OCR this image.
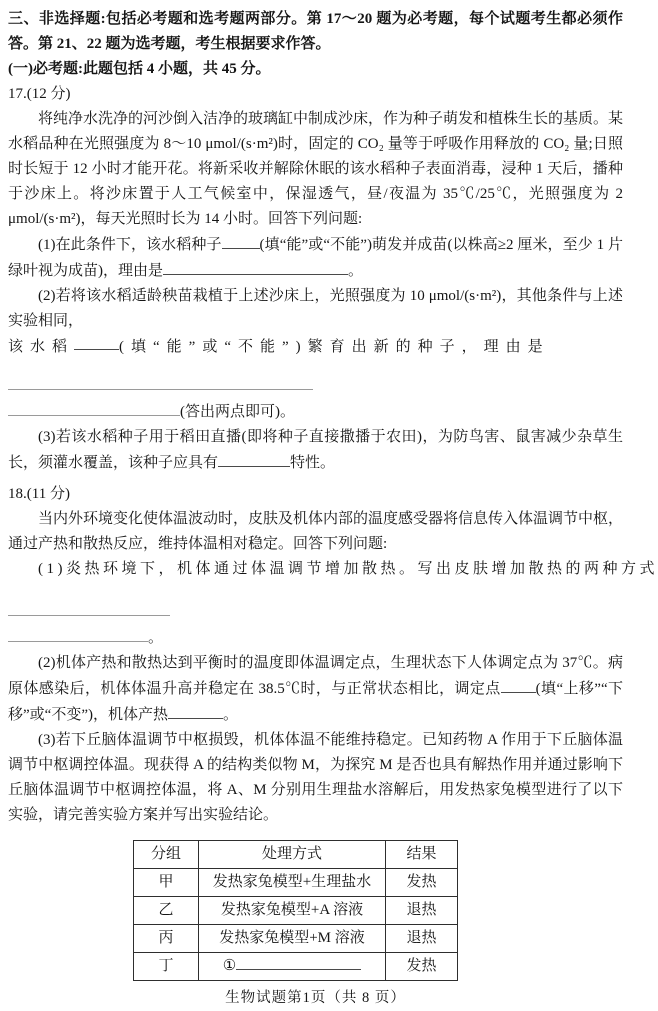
三、非选择题:包括必考题和选考题两部分。第 17～20 题为必考题，每个试题考生都必须作答。第 21、22 题为选考题，考生根据要求作答。

(一)必考题:此题包括 4 小题，共 45 分。

17.(12 分)

将纯净水洗净的河沙倒入洁净的玻璃缸中制成沙床，作为种子萌发和植株生长的基质。某水稻品种在光照强度为 8～10 μmol/(s·m²)时，固定的 CO₂ 量等于呼吸作用释放的 CO₂ 量;日照时长短于 12 小时才能开花。将新采收并解除休眠的该水稻种子表面消毒，浸种 1 天后，播种于沙床上。将沙床置于人工气候室中，保湿透气，昼/夜温为 35℃/25℃，光照强度为 2 μmol/(s·m²)，每天光照时长为 14 小时。回答下列问题:

(1)在此条件下，该水稻种子	(填“能”或“不能”)萌发并成苗(以株高≥2 厘米，至少 1 片绿叶视为成苗)，理由是	。

(2)若将该水稻适龄秧苗栽植于上述沙床上，光照强度为 10 μmol/(s·m²)，其他条件与上述实验相同，

该水稻	(填“能”或“不能”)繁育出新的种子，理由是

(答出两点即可)。

(3)若该水稻种子用于稻田直播(即将种子直接撒播于农田)，为防鸟害、鼠害减少杂草生长，须灌水覆盖，该种子应具有	特性。

18.(11 分)

当内外环境变化使体温波动时，皮肤及机体内部的温度感受器将信息传入体温调节中枢，通过产热和散热反应，维持体温相对稳定。回答下列问题:

(1)炎热环境下，机体通过体温调节增加散热。写出皮肤增加散热的两种方式

。

(2)机体产热和散热达到平衡时的温度即体温调定点，生理状态下人体调定点为 37℃。病原体感染后，机体体温升高并稳定在 38.5℃时，与正常状态相比，调定点 (填“上移”“下移”或“不变”)，机体产热	。

(3)若下丘脑体温调节中枢损毁，机体体温不能维持稳定。已知药物 A 作用于下丘脑体温调节中枢调控体温。现获得 A 的结构类似物 M，为探究 M 是否也具有解热作用并通过影响下丘脑体温调节中枢调控体温，将 A、M 分别用生理盐水溶解后，用发热家兔模型进行了以下实验，请完善实验方案并写出实验结论。

分组	处理方式	结果
甲	发热家兔模型+生理盐水	发热
乙	发热家兔模型+A 溶液	退热
丙	发热家兔模型+M 溶液	退热
丁	①	发热
生物试题第1页（共 8 页）
